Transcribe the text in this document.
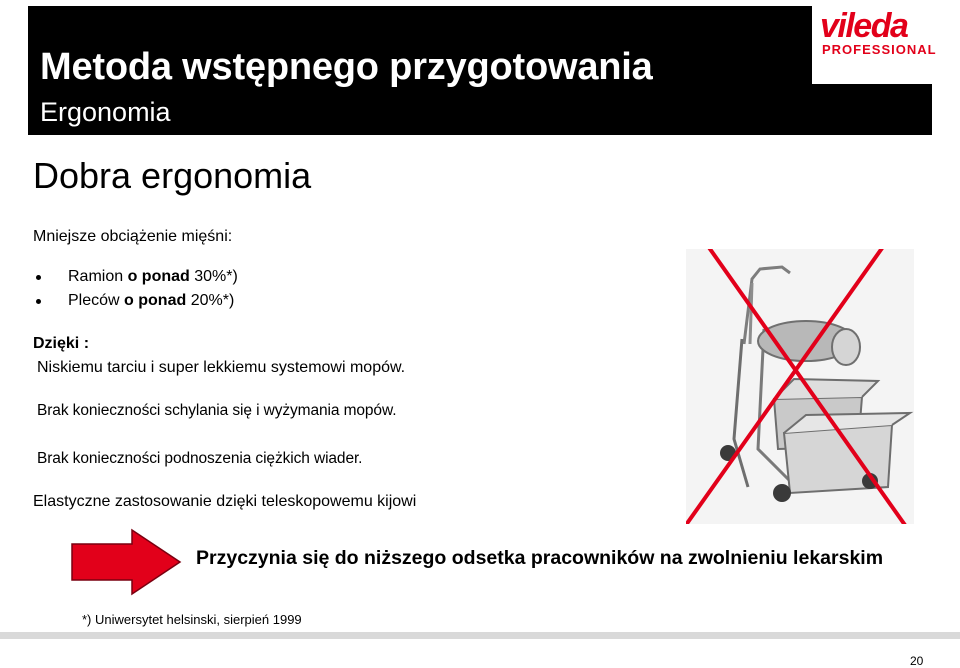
Metoda wstępnego przygotowania
Ergonomia
vileda
PROFESSIONAL
Dobra ergonomia
Mniejsze obciążenie mięśni:
Ramion o ponad 30%*)
Pleców o ponad 20%*)
Dzięki :
Niskiemu tarciu i super lekkiemu systemowi mopów.
Brak konieczności schylania się i wyżymania mopów.
Brak konieczności podnoszenia ciężkich wiader.
Elastyczne zastosowanie dzięki teleskopowemu kijowi
Przyczynia się do niższego odsetka pracowników na zwolnieniu lekarskim
*) Uniwersytet helsinski, sierpień 1999
20
